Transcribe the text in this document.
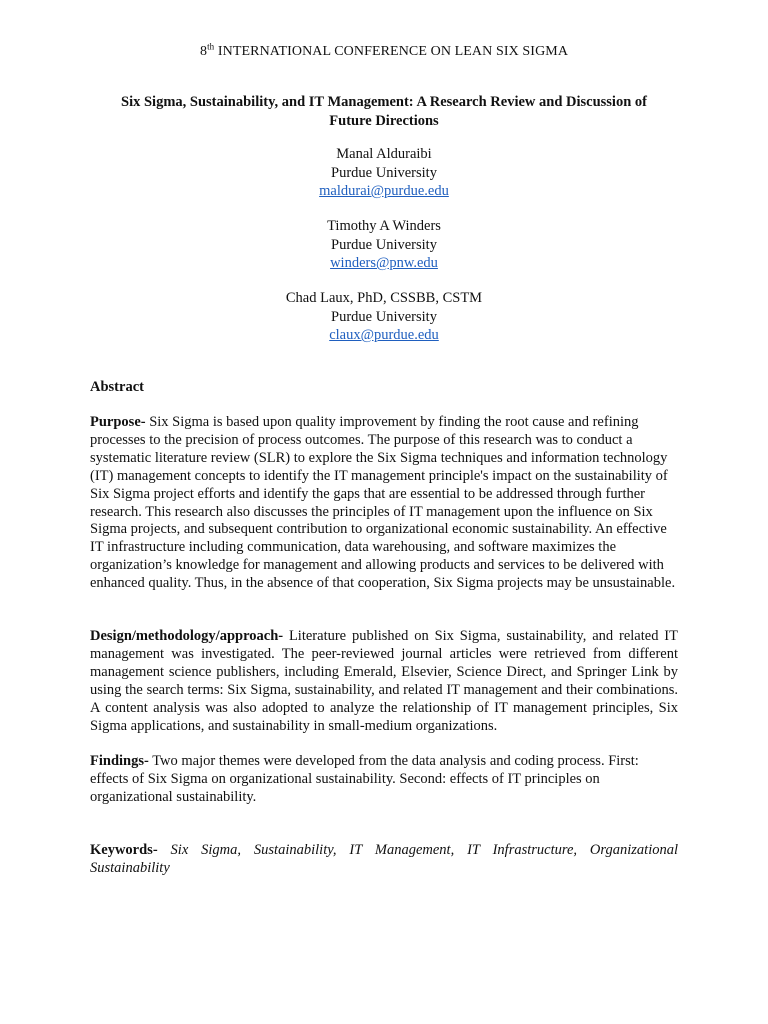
8th INTERNATIONAL CONFERENCE ON LEAN SIX SIGMA
Six Sigma, Sustainability, and IT Management: A Research Review and Discussion of Future Directions
Manal Alduraibi
Purdue University
maldurai@purdue.edu
Timothy A Winders
Purdue University
winders@pnw.edu
Chad Laux, PhD, CSSBB, CSTM
Purdue University
claux@purdue.edu
Abstract
Purpose- Six Sigma is based upon quality improvement by finding the root cause and refining processes to the precision of process outcomes. The purpose of this research was to conduct a systematic literature review (SLR) to explore the Six Sigma techniques and information technology (IT) management concepts to identify the IT management principle's impact on the sustainability of Six Sigma project efforts and identify the gaps that are essential to be addressed through further research. This research also discusses the principles of IT management upon the influence on Six Sigma projects, and subsequent contribution to organizational economic sustainability. An effective IT infrastructure including communication, data warehousing, and software maximizes the organization’s knowledge for management and allowing products and services to be delivered with enhanced quality. Thus, in the absence of that cooperation, Six Sigma projects may be unsustainable.
Design/methodology/approach- Literature published on Six Sigma, sustainability, and related IT management was investigated. The peer-reviewed journal articles were retrieved from different management science publishers, including Emerald, Elsevier, Science Direct, and Springer Link by using the search terms: Six Sigma, sustainability, and related IT management and their combinations. A content analysis was also adopted to analyze the relationship of IT management principles, Six Sigma applications, and sustainability in small-medium organizations.
Findings- Two major themes were developed from the data analysis and coding process. First: effects of Six Sigma on organizational sustainability. Second: effects of IT principles on organizational sustainability.
Keywords- Six Sigma, Sustainability, IT Management, IT Infrastructure, Organizational Sustainability
